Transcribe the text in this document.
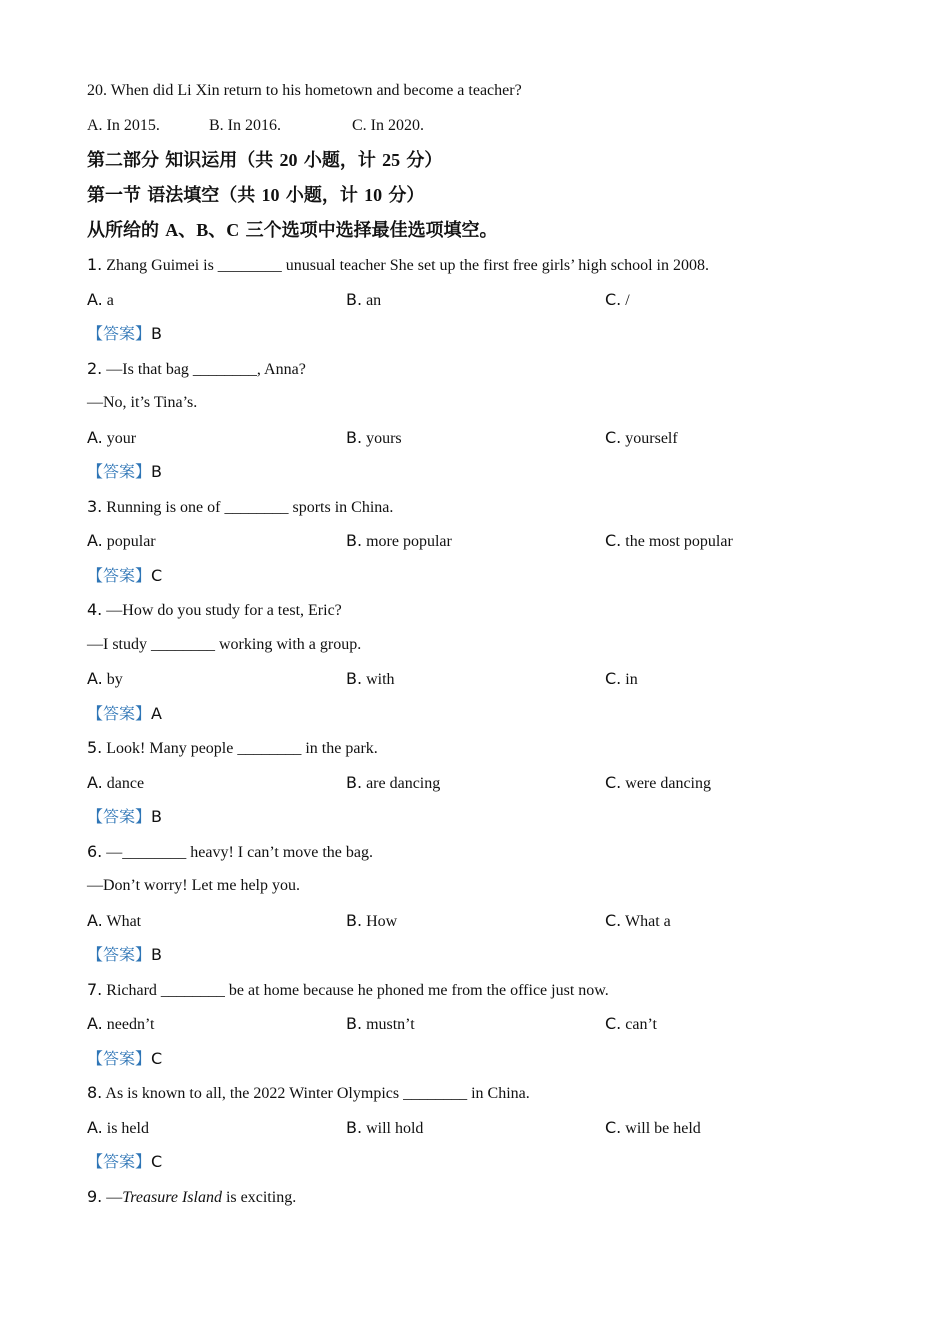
20. When did Li Xin return to his hometown and become a teacher?
A. In 2015.	B. In 2016.	C. In 2020.
第二部分 知识运用（共 20 小题，计 25 分）
第一节 语法填空（共 10 小题，计 10 分）
从所给的 A、B、C 三个选项中选择最佳选项填空。
1. Zhang Guimei is ________ unusual teacher She set up the first free girls’ high school in 2008.
A. a	B. an	C. /
【答案】B
2. —Is that bag ________, Anna?
—No, it’s Tina’s.
A. your	B. yours	C. yourself
【答案】B
3. Running is one of ________ sports in China.
A. popular	B. more popular	C. the most popular
【答案】C
4. —How do you study for a test, Eric?
—I study ________ working with a group.
A. by	B. with	C. in
【答案】A
5. Look! Many people ________ in the park.
A. dance	B. are dancing	C. were dancing
【答案】B
6. —________ heavy! I can’t move the bag.
—Don’t worry! Let me help you.
A. What	B. How	C. What a
【答案】B
7. Richard ________ be at home because he phoned me from the office just now.
A. needn’t	B. mustn’t	C. can’t
【答案】C
8. As is known to all, the 2022 Winter Olympics ________ in China.
A. is held	B. will hold	C. will be held
【答案】C
9. —Treasure Island is exciting.
